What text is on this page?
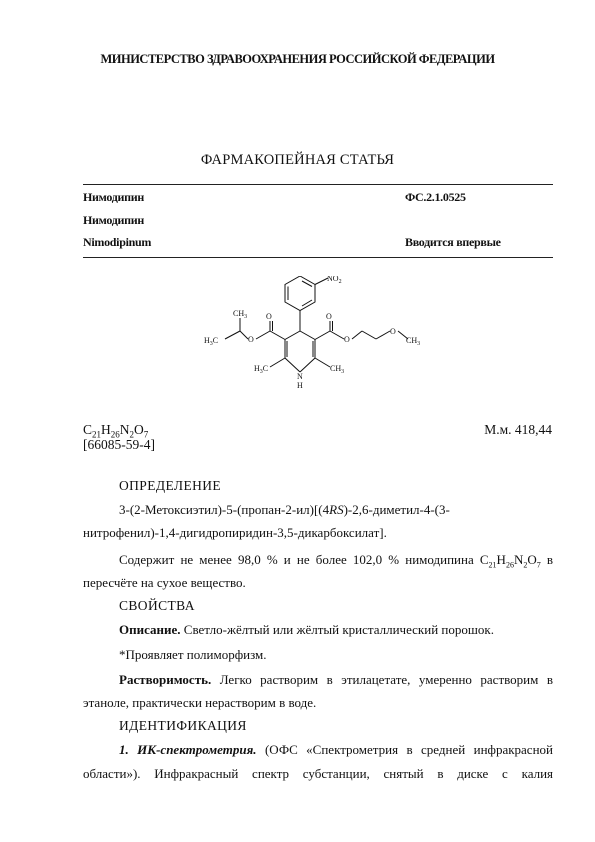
МИНИСТЕРСТВО ЗДРАВООХРАНЕНИЯ РОССИЙСКОЙ ФЕДЕРАЦИИ
ФАРМАКОПЕЙНАЯ СТАТЬЯ
Нимодипин	ФС.2.1.0525
Нимодипин
Nimodipinum	Вводится впервые
$NO_2$
O	O
O	O
O
$CH_3$
$H_3C$	$CH_3$
$H_3C$	$CH_3$
N
H
$C_{21}H_{26}N_2O_7$	М.м. 418,44
[66085-59-4]
ОПРЕДЕЛЕНИЕ
3-(2-Метоксиэтил)-5-(пропан-2-ил)[(4RS)-2,6-диметил-4-(3-
нитрофенил)-1,4-дигидропиридин-3,5-дикарбоксилат].
Содержит не менее 98,0 % и не более 102,0 % нимодипина $C_{21}H_{26}N_2O_7$ в
пересчёте на сухое вещество.
СВОЙСТВА
Описание. Светло-жёлтый или жёлтый кристаллический порошок.
*Проявляет полиморфизм.
Растворимость. Легко растворим в этилацетате, умеренно растворим в
этаноле, практически нерастворим в воде.
ИДЕНТИФИКАЦИЯ
1. ИК-спектрометрия. (ОФС «Спектрометрия в средней инфракрасной
области»). Инфракрасный спектр субстанции, снятый в диске с калия
